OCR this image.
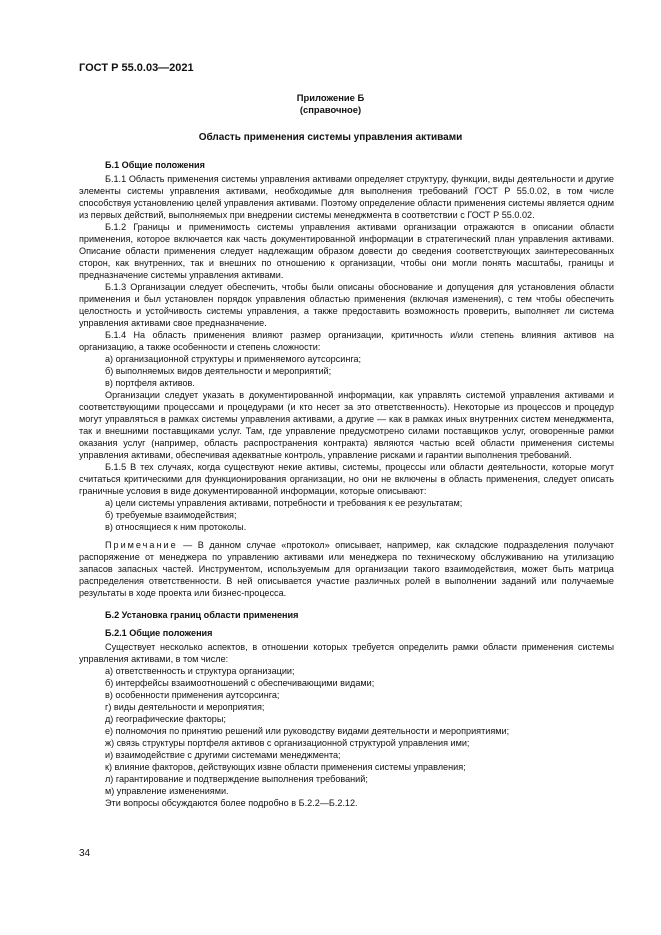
ГОСТ Р 55.0.03—2021
Приложение Б
(справочное)
Область применения системы управления активами

Б.1 Общие положения

Б.1.1 Область применения системы управления активами определяет структуру, функции, виды деятельности и другие элементы системы управления активами, необходимые для выполнения требований ГОСТ Р 55.0.02, в том числе способствуя установлению целей управления активами. Поэтому определение области применения системы является одним из первых действий, выполняемых при внедрении системы менеджмента в соответствии с ГОСТ Р 55.0.02.

Б.1.2 Границы и применимость системы управления активами организации отражаются в описании области применения, которое включается как часть документированной информации в стратегический план управления активами. Описание области применения следует надлежащим образом довести до сведения соответствующих заинтересованных сторон, как внутренних, так и внешних по отношению к организации, чтобы они могли понять масштабы, границы и предназначение системы управления активами.

Б.1.3 Организации следует обеспечить, чтобы были описаны обоснование и допущения для установления области применения и был установлен порядок управления областью применения (включая изменения), с тем чтобы обеспечить целостность и устойчивость системы управления, а также предоставить возможность проверить, выполняет ли система управления активами свое предназначение.

Б.1.4 На область применения влияют размер организации, критичность и/или степень влияния активов на организацию, а также особенности и степень сложности:

а) организационной структуры и применяемого аутсорсинга;

б) выполняемых видов деятельности и мероприятий;

в) портфеля активов.

Организации следует указать в документированной информации, как управлять системой управления активами и соответствующими процессами и процедурами (и кто несет за это ответственность). Некоторые из процессов и процедур могут управляться в рамках системы управления активами, а другие — как в рамках иных внутренних систем менеджмента, так и внешними поставщиками услуг. Там, где управление предусмотрено силами поставщиков услуг, оговоренные рамки оказания услуг (например, область распространения контракта) являются частью всей области применения системы управления активами, обеспечивая адекватные контроль, управление рисками и гарантии выполнения требований.

Б.1.5 В тех случаях, когда существуют некие активы, системы, процессы или области деятельности, которые могут считаться критическими для функционирования организации, но они не включены в область применения, следует описать граничные условия в виде документированной информации, которые описывают:

а) цели системы управления активами, потребности и требования к ее результатам;

б) требуемые взаимодействия;

в) относящиеся к ним протоколы.

Примечание — В данном случае «протокол» описывает, например, как складские подразделения получают распоряжение от менеджера по управлению активами или менеджера по техническому обслуживанию на утилизацию запасов запасных частей. Инструментом, используемым для организации такого взаимодействия, может быть матрица распределения ответственности. В ней описывается участие различных ролей в выполнении заданий или получаемые результаты в ходе проекта или бизнес-процесса.

Б.2 Установка границ области применения

Б.2.1 Общие положения

Существует несколько аспектов, в отношении которых требуется определить рамки области применения системы управления активами, в том числе:

а) ответственность и структура организации;

б) интерфейсы взаимоотношений с обеспечивающими видами;

в) особенности применения аутсорсинга;

г) виды деятельности и мероприятия;

д) географические факторы;

е) полномочия по принятию решений или руководству видами деятельности и мероприятиями;

ж) связь структуры портфеля активов с организационной структурой управления ими;

и) взаимодействие с другими системами менеджмента;

к) влияние факторов, действующих извне области применения системы управления;

л) гарантирование и подтверждение выполнения требований;

м) управление изменениями.

Эти вопросы обсуждаются более подробно в Б.2.2—Б.2.12.

34
